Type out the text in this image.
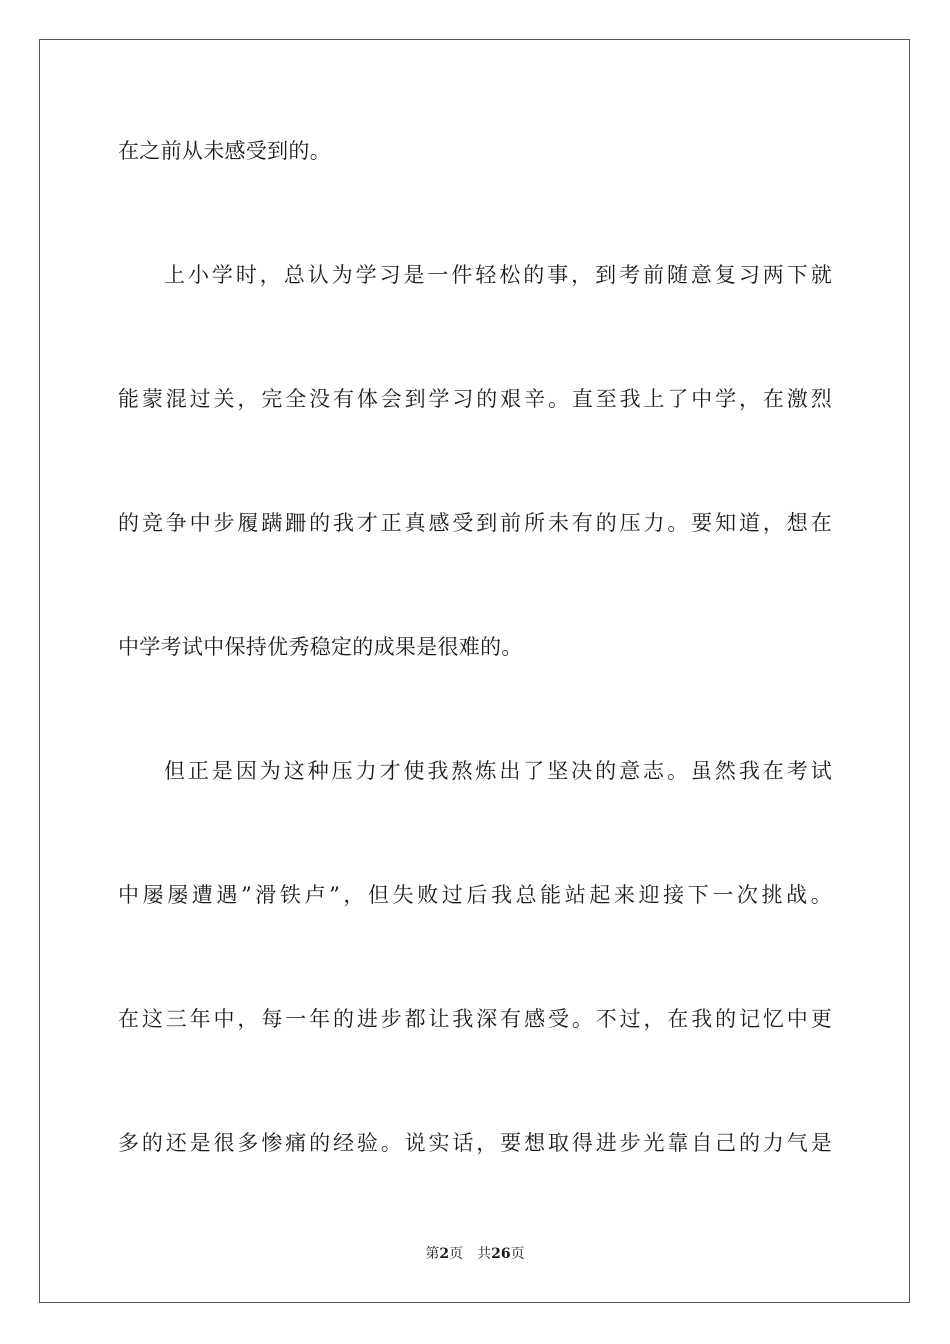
在之前从未感受到的。
上小学时，总认为学习是一件轻松的事，到考前随意复习两下就
能蒙混过关，完全没有体会到学习的艰辛。直至我上了中学，在激烈
的竞争中步履蹒跚的我才正真感受到前所未有的压力。要知道，想在
中学考试中保持优秀稳定的成果是很难的。
但正是因为这种压力才使我熬炼出了坚决的意志。虽然我在考试
中屡屡遭遇”滑铁卢”，但失败过后我总能站起来迎接下一次挑战。
在这三年中，每一年的进步都让我深有感受。不过，在我的记忆中更
多的还是很多惨痛的经验。说实话，要想取得进步光靠自己的力气是
第2页 共26页
